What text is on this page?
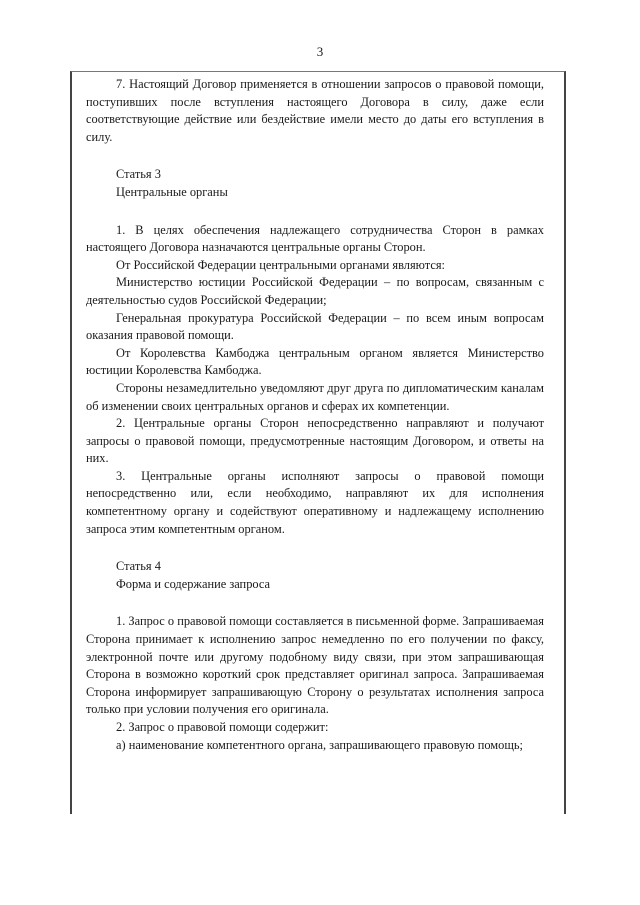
3

7. Настоящий Договор применяется в отношении запросов о правовой помощи, поступивших после вступления настоящего Договора в силу, даже если соответствующие действие или бездействие имели место до даты его вступления в силу.

Статья 3

Центральные органы

1. В целях обеспечения надлежащего сотрудничества Сторон в рамках настоящего Договора назначаются центральные органы Сторон.

От Российской Федерации центральными органами являются:

Министерство юстиции Российской Федерации – по вопросам, связанным с деятельностью судов Российской Федерации;

Генеральная прокуратура Российской Федерации – по всем иным вопросам оказания правовой помощи.

От Королевства Камбоджа центральным органом является Министерство юстиции Королевства Камбоджа.

Стороны незамедлительно уведомляют друг друга по дипломатическим каналам об изменении своих центральных органов и сферах их компетенции.

2. Центральные органы Сторон непосредственно направляют и получают запросы о правовой помощи, предусмотренные настоящим Договором, и ответы на них.

3. Центральные органы исполняют запросы о правовой помощи непосредственно или, если необходимо, направляют их для исполнения компетентному органу и содействуют оперативному и надлежащему исполнению запроса этим компетентным органом.

Статья 4

Форма и содержание запроса

1. Запрос о правовой помощи составляется в письменной форме. Запрашиваемая Сторона принимает к исполнению запрос немедленно по его получении по факсу, электронной почте или другому подобному виду связи, при этом запрашивающая Сторона в возможно короткий срок представляет оригинал запроса. Запрашиваемая Сторона информирует запрашивающую Сторону о результатах исполнения запроса только при условии получения его оригинала.

2. Запрос о правовой помощи содержит:

а) наименование компетентного органа, запрашивающего правовую помощь;
